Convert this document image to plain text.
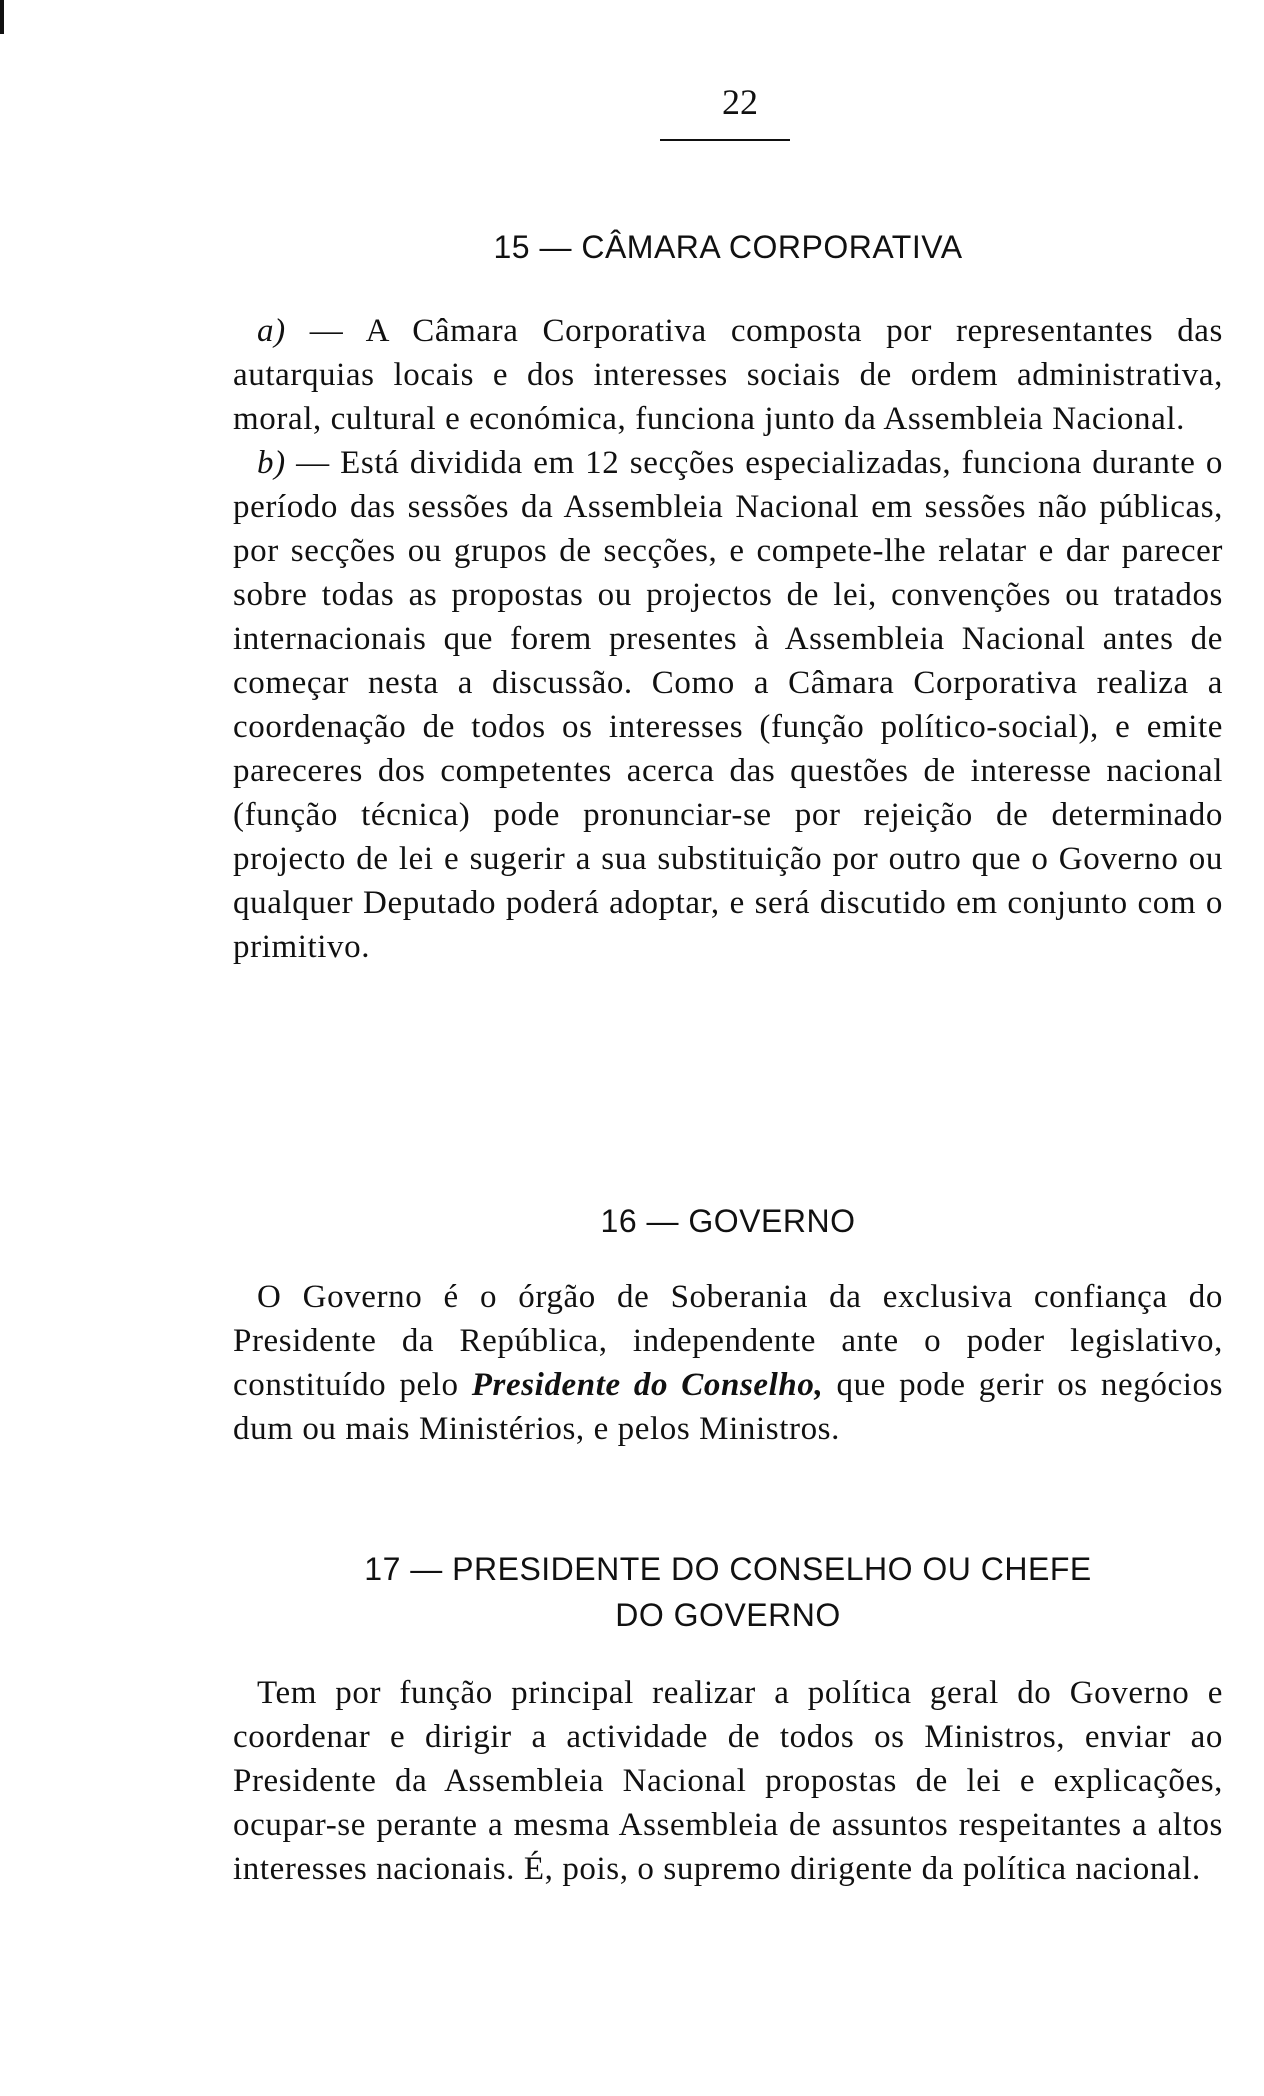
22
15 — CÂMARA CORPORATIVA

a) — A Câmara Corporativa composta por representantes das autarquias locais e dos interesses sociais de ordem administrativa, moral, cultural e económica, funciona junto da Assembleia Nacional.

b) — Está dividida em 12 secções especializadas, funciona durante o período das sessões da Assembleia Nacional em sessões não públicas, por secções ou grupos de secções, e compete-lhe relatar e dar parecer sobre todas as propostas ou projectos de lei, convenções ou tratados internacionais que forem presentes à Assembleia Nacional antes de começar nesta a discussão. Como a Câmara Corporativa realiza a coordenação de todos os interesses (função político-social), e emite pareceres dos competentes acerca das questões de interesse nacional (função técnica) pode pronunciar-se por rejeição de determinado projecto de lei e sugerir a sua substituição por outro que o Governo ou qualquer Deputado poderá adoptar, e será discutido em conjunto com o primitivo.

16 — GOVERNO

O Governo é o órgão de Soberania da exclusiva confiança do Presidente da República, independente ante o poder legislativo, constituído pelo Presidente do Conselho, que pode gerir os negócios dum ou mais Ministérios, e pelos Ministros.

17 — PRESIDENTE DO CONSELHO OU CHEFE
DO GOVERNO

Tem por função principal realizar a política geral do Governo e coordenar e dirigir a actividade de todos os Ministros, enviar ao Presidente da Assembleia Nacional propostas de lei e explicações, ocupar-se perante a mesma Assembleia de assuntos respeitantes a altos interesses nacionais. É, pois, o supremo dirigente da política nacional.
